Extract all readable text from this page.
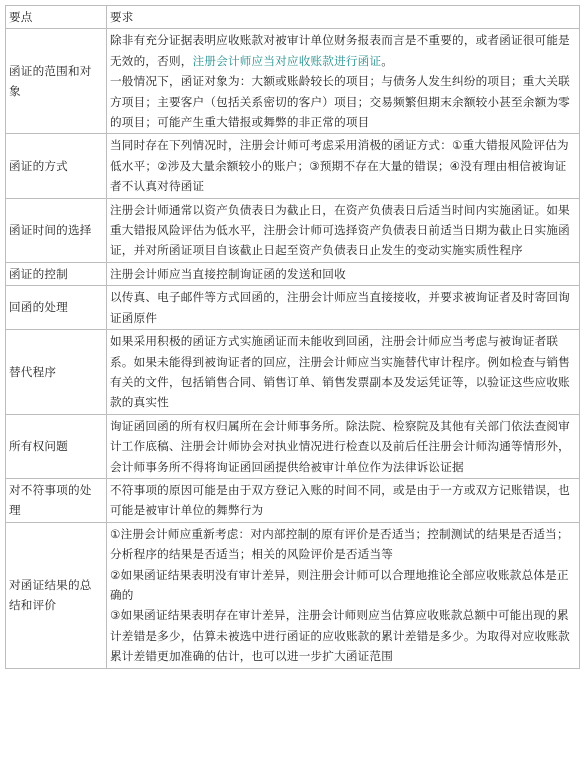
要点	要求
函证的范围和对象	除非有充分证据表明应收账款对被审计单位财务报表而言是不重要的，或者函证很可能是无效的，否则，注册会计师应当对应收账款进行函证。
一般情况下，函证对象为：大额或账龄较长的项目；与债务人发生纠纷的项目；重大关联方项目；主要客户（包括关系密切的客户）项目；交易频繁但期末余额较小甚至余额为零的项目；可能产生重大错报或舞弊的非正常的项目

函证的方式	当同时存在下列情况时，注册会计师可考虑采用消极的函证方式：①重大错报风险评估为低水平；②涉及大量余额较小的账户；③预期不存在大量的错误；④没有理由相信被询证者不认真对待函证

函证时间的选择	注册会计师通常以资产负债表日为截止日，在资产负债表日后适当时间内实施函证。如果重大错报风险评估为低水平，注册会计师可选择资产负债表日前适当日期为截止日实施函证，并对所函证项目自该截止日起至资产负债表日止发生的变动实施实质性程序

函证的控制	注册会计师应当直接控制询证函的发送和回收

回函的处理	以传真、电子邮件等方式回函的，注册会计师应当直接接收，并要求被询证者及时寄回询证函原件

替代程序	如果采用积极的函证方式实施函证而未能收到回函，注册会计师应当考虑与被询证者联系。如果未能得到被询证者的回应，注册会计师应当实施替代审计程序。例如检查与销售有关的文件，包括销售合同、销售订单、销售发票副本及发运凭证等，以验证这些应收账款的真实性

所有权问题	询证函回函的所有权归属所在会计师事务所。除法院、检察院及其他有关部门依法查阅审计工作底稿、注册会计师协会对执业情况进行检查以及前后任注册会计师沟通等情形外，会计师事务所不得将询证函回函提供给被审计单位作为法律诉讼证据

对不符事项的处理	不符事项的原因可能是由于双方登记入账的时间不同，或是由于一方或双方记账错误，也可能是被审计单位的舞弊行为

对函证结果的总结和评价	①注册会计师应重新考虑：对内部控制的原有评价是否适当；控制测试的结果是否适当；分析程序的结果是否适当；相关的风险评价是否适当等
②如果函证结果表明没有审计差异，则注册会计师可以合理地推论全部应收账款总体是正确的
③如果函证结果表明存在审计差异，注册会计师则应当估算应收账款总额中可能出现的累计差错是多少，估算未被选中进行函证的应收账款的累计差错是多少。为取得对应收账款累计差错更加准确的估计，也可以进一步扩大函证范围
